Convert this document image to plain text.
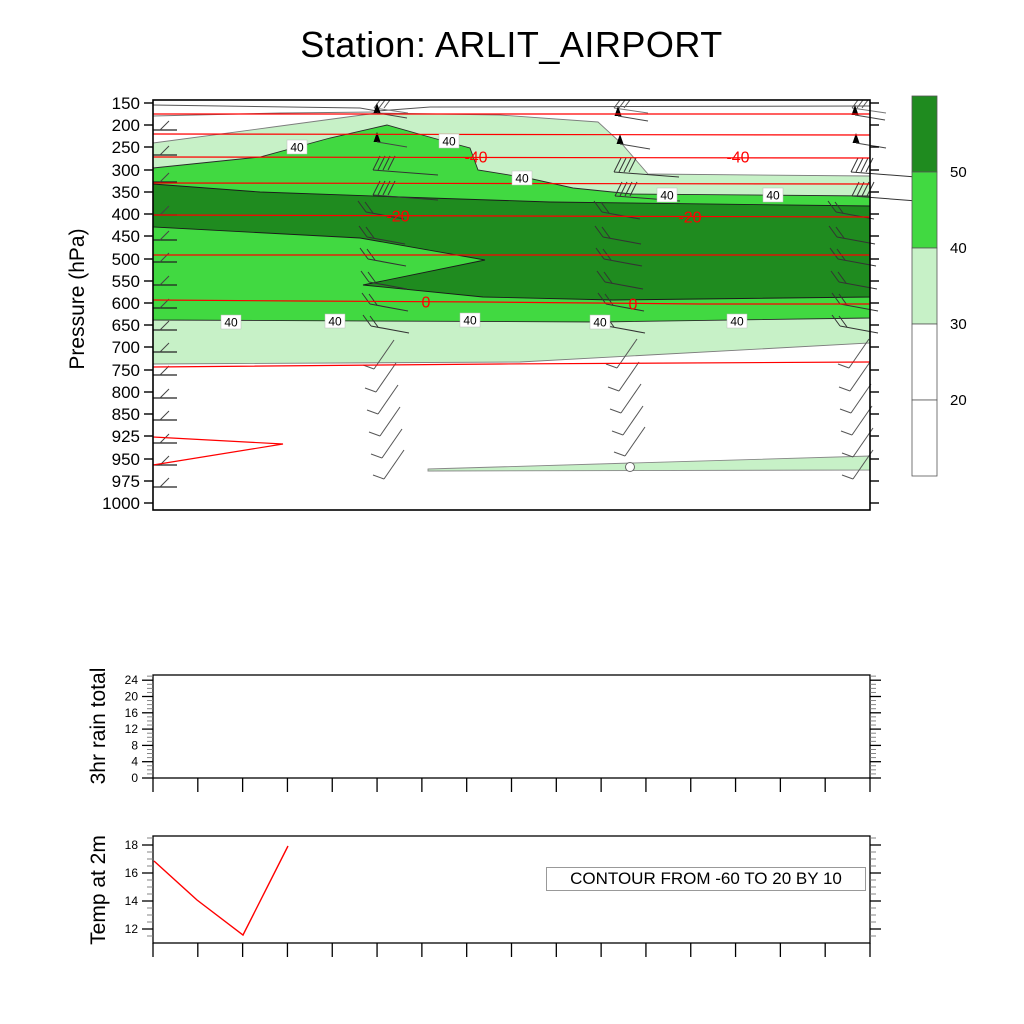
Station: ARLIT_AIRPORT
Pressure (hPa)
3hr rain total
Temp at 2m
40	40
40
40	40
40	40	40	40	40
-40	-40
-20	-20
0	0
150
200
250
300
350
400
450
500
550
600
650
700
750
800
850
925
950
975
1000
50
40
30
20
0
4
8
12
16
20
24
12
14
16
18
CONTOUR FROM -60 TO 20 BY 10
